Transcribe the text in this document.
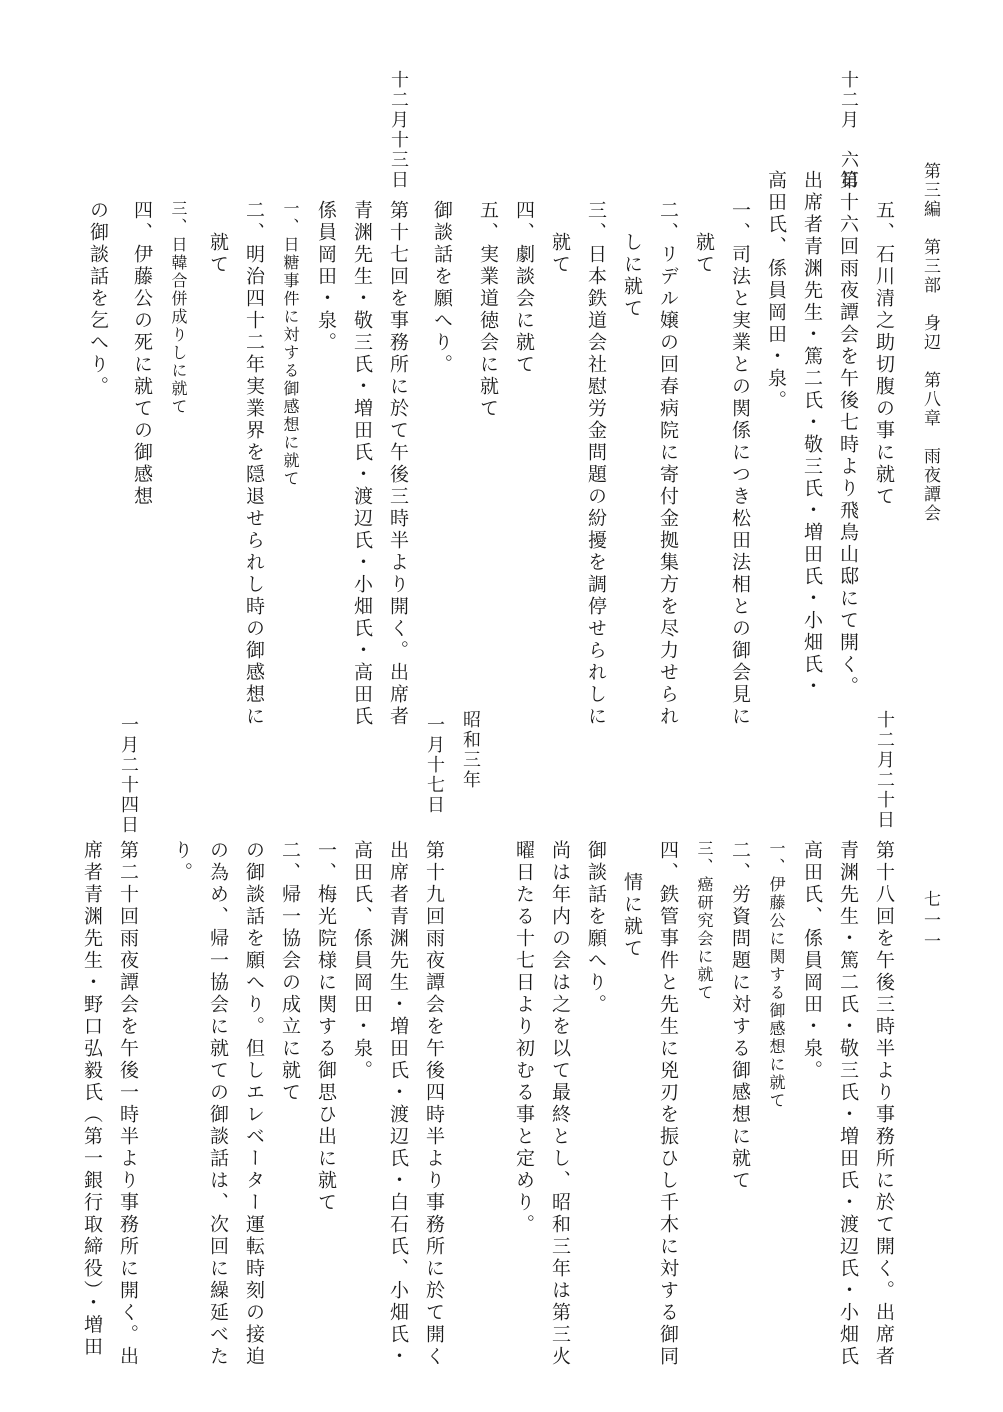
第三編　第三部　身辺　第八章　雨夜譚会
七一一
十二月　六日
十二月十三日
五、石川清之助切腹の事に就て
第十六回雨夜譚会を午後七時より飛鳥山邸にて開く。
出席者青渊先生・篤二氏・敬三氏・増田氏・小畑氏・
高田氏、係員岡田・泉。
一、司法と実業との関係につき松田法相との御会見に
就て
二、リデル嬢の回春病院に寄付金拠集方を尽力せられ
しに就て
三、日本鉄道会社慰労金問題の紛擾を調停せられしに
就て
四、劇談会に就て
五、実業道徳会に就て
御談話を願へり。
第十七回を事務所に於て午後三時半より開く。出席者
青渊先生・敬三氏・増田氏・渡辺氏・小畑氏・高田氏
係員岡田・泉。
一、日糖事件に対する御感想に就て
二、明治四十二年実業界を隠退せられし時の御感想に
就て
三、日韓合併成りしに就て
四、伊藤公の死に就ての御感想
の御談話を乞へり。
十二月二十日
昭和三年
一月十七日
一月二十四日
第十八回を午後三時半より事務所に於て開く。出席者
青渊先生・篤二氏・敬三氏・増田氏・渡辺氏・小畑氏
高田氏、係員岡田・泉。
一、伊藤公に関する御感想に就て
二、労資問題に対する御感想に就て
三、癌研究会に就て
四、鉄管事件と先生に兇刃を振ひし千木に対する御同
情に就て
御談話を願へり。
尚は年内の会は之を以て最終とし、昭和三年は第三火
曜日たる十七日より初むる事と定めり。
第十九回雨夜譚会を午後四時半より事務所に於て開く
出席者青渊先生・増田氏・渡辺氏・白石氏、小畑氏・
高田氏、係員岡田・泉。
一、梅光院様に関する御思ひ出に就て
二、帰一協会の成立に就て
の御談話を願へり。但しエレベーター運転時刻の接迫
の為め、帰一協会に就ての御談話は、次回に繰延べた
り。
第二十回雨夜譚会を午後一時半より事務所に開く。出
席者青渊先生・野口弘毅氏（第一銀行取締役）・増田
